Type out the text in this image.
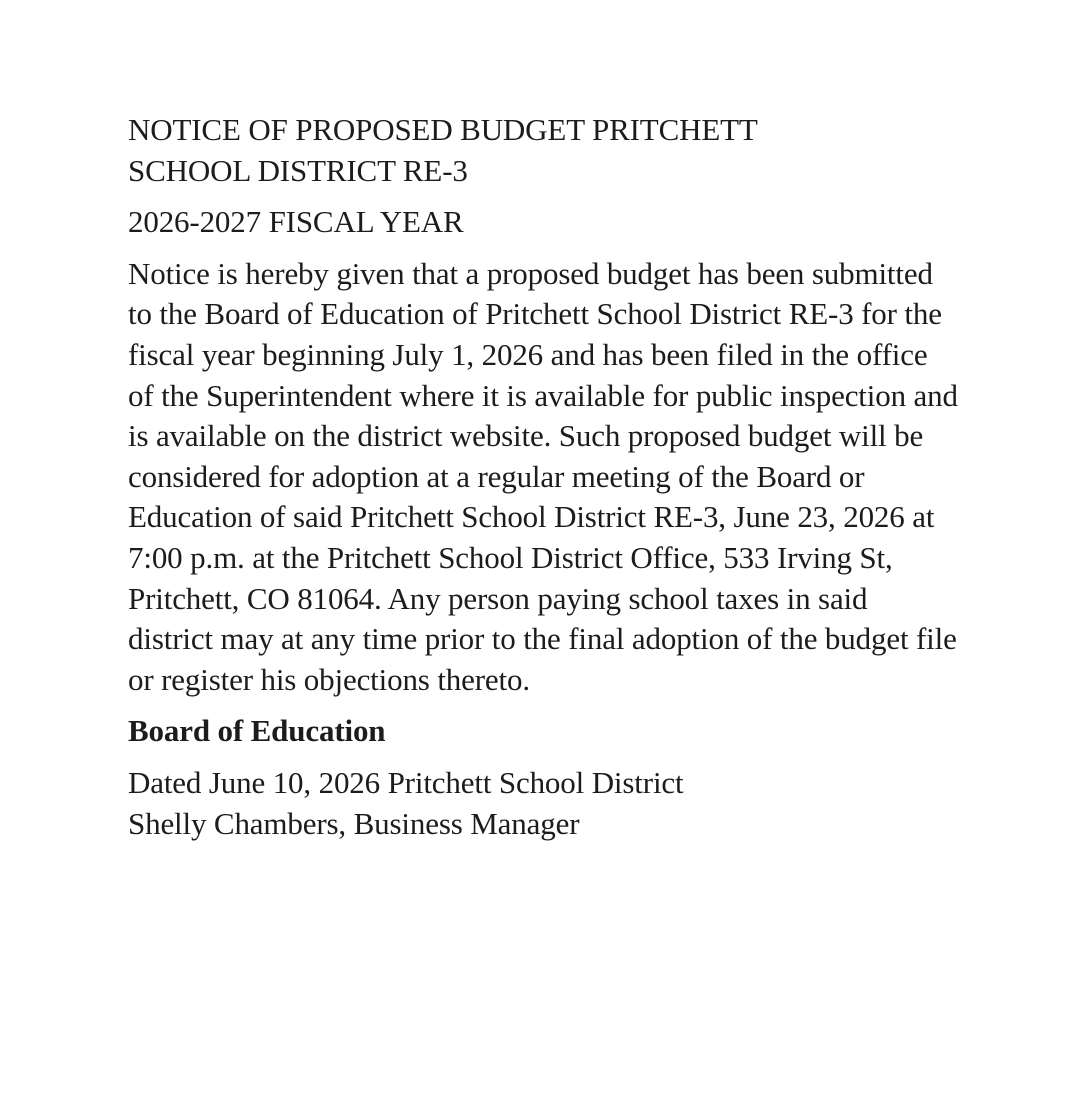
NOTICE OF PROPOSED BUDGET PRITCHETT SCHOOL DISTRICT RE-3
2026-2027 FISCAL YEAR

Notice is hereby given that a proposed budget has been submitted to the Board of Education of Pritchett School District RE-3 for the fiscal year beginning July 1, 2026 and has been filed in the office of the Superintendent where it is available for public inspection and is available on the district website. Such proposed budget will be considered for adoption at a regular meeting of the Board or Education of said Pritchett School District RE-3, June 23, 2026 at 7:00 p.m. at the Pritchett School District Office, 533 Irving St, Pritchett, CO 81064. Any person paying school taxes in said district may at any time prior to the final adoption of the budget file or register his objections thereto.

Board of Education

Dated June 10, 2026 Pritchett School District
Shelly Chambers, Business Manager
